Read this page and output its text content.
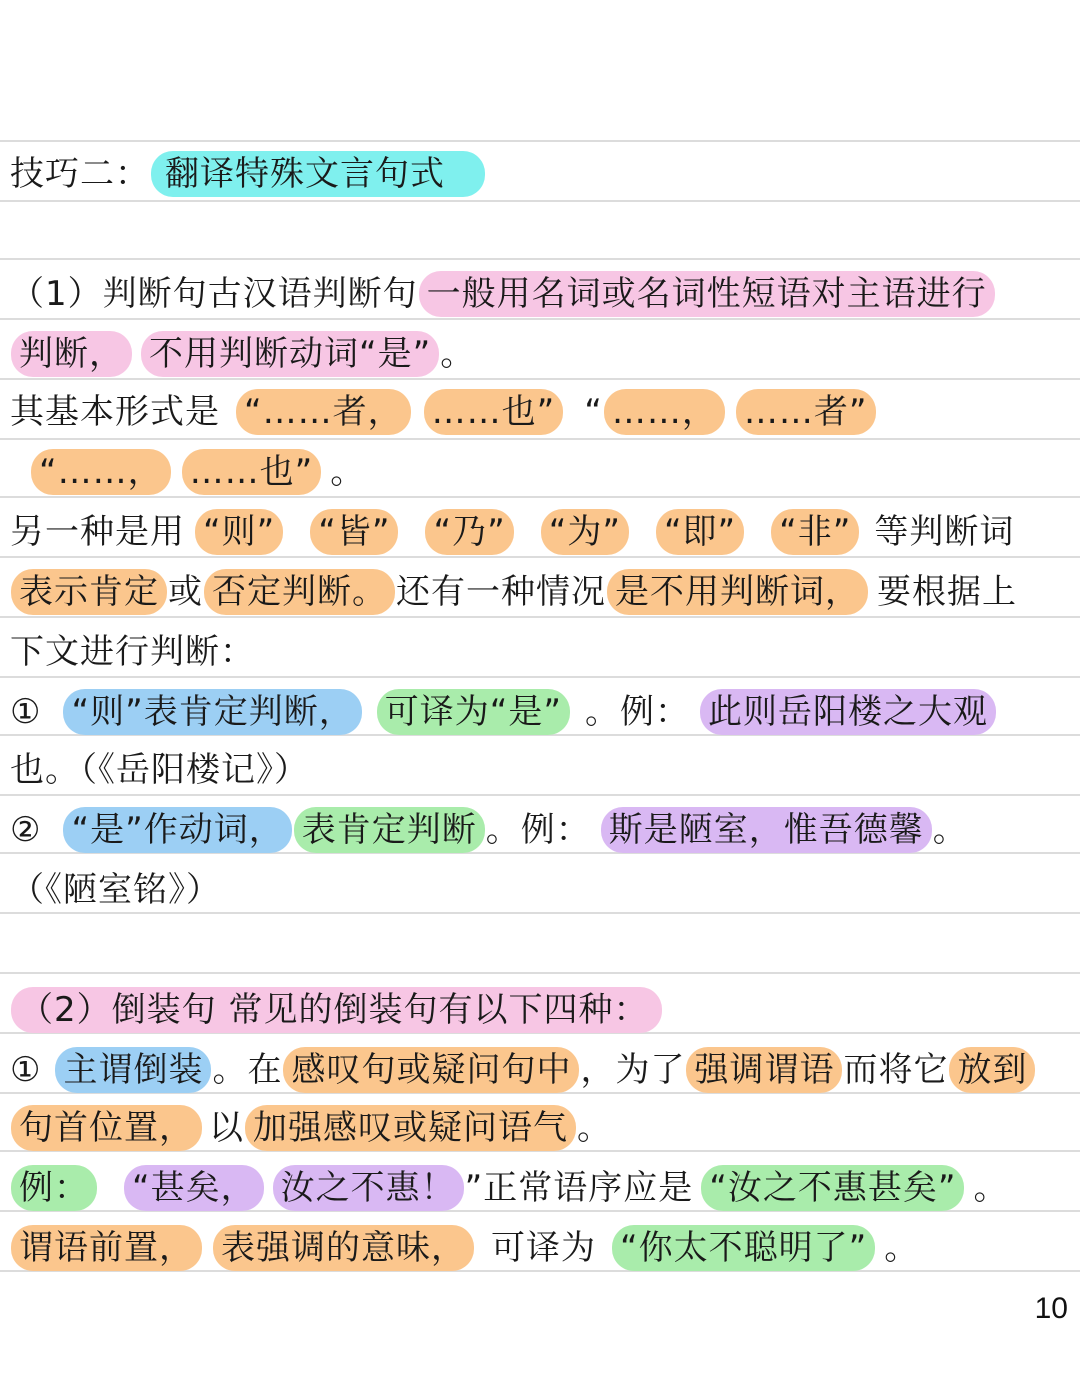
技巧二： 翻译特殊文言句式
（1）判断句古汉语判断句 一般用名词或名词性短语对主语进行
判断， 不用判断动词“是” 。
其基本形式是 “……者， ……也” “ ……， ……者”
“……， ……也” 。
另一种是用 “则” “皆” “乃” “为” “即” “非” 等判断词
表示肯定 或 否定判断。 还有一种情况 是不用判断词， 要根据上
下文进行判断：
① “则”表肯定判断， 可译为“是” 。例： 此则岳阳楼之大观
也。（《岳阳楼记》）
② “是”作动词， 表肯定判断 。例： 斯是陋室，惟吾德馨 。
（《陋室铭》）
（2）倒装句 常见的倒装句有以下四种：
① 主谓倒装 。在 感叹句或疑问句中 ，为了 强调谓语 而将它 放到
句首位置， 以 加强感叹或疑问语气 。
例： “甚矣， 汝之不惠！ ”正常语序应是 “汝之不惠甚矣” 。
谓语前置， 表强调的意味， 可译为 “你太不聪明了” 。
10
